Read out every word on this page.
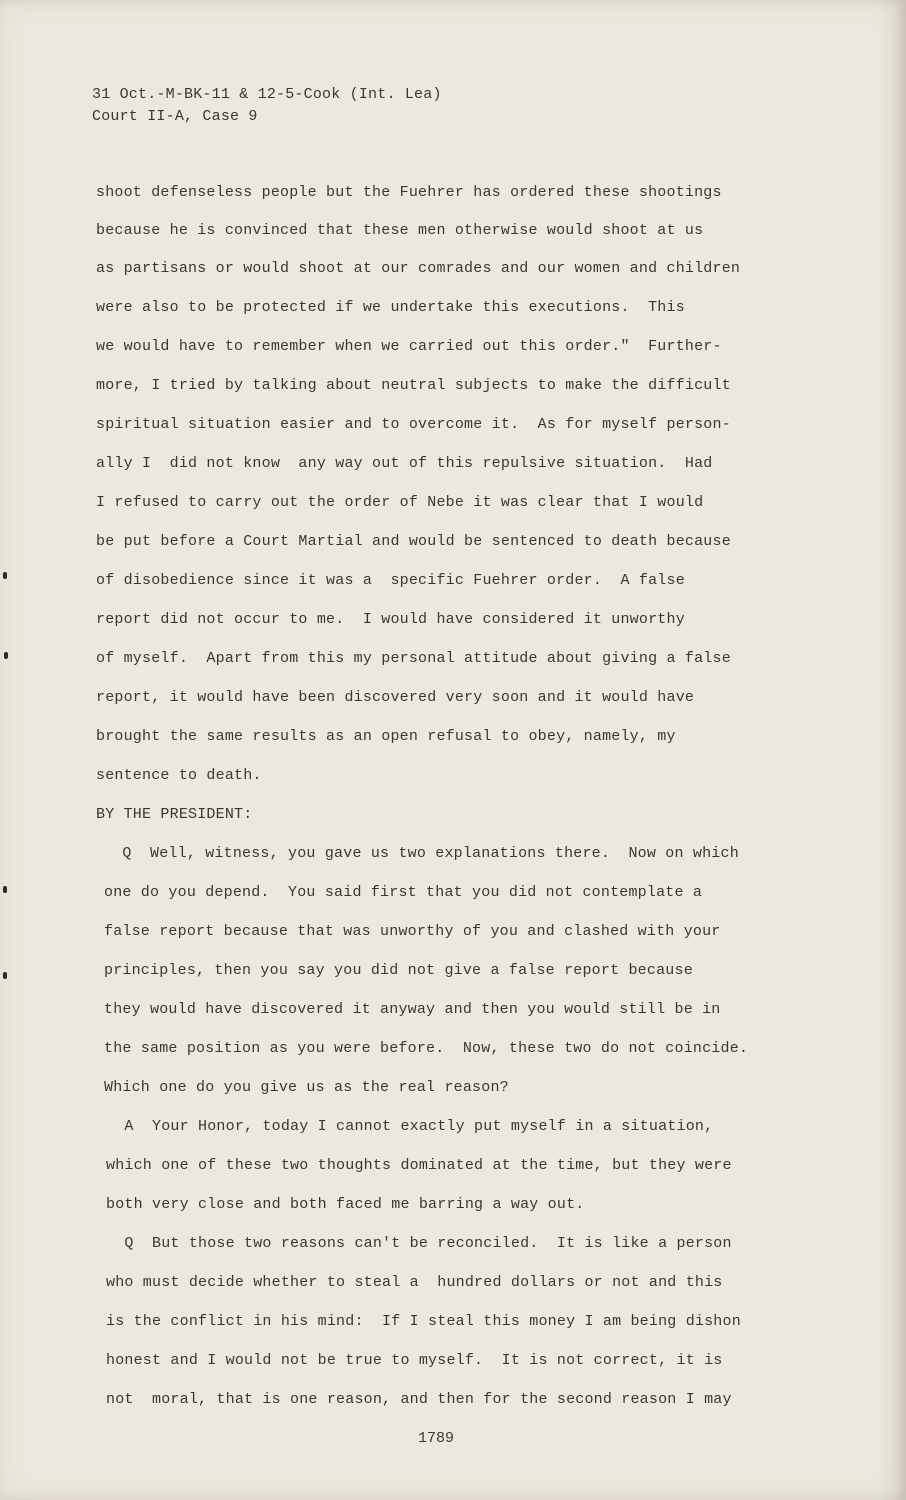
31 Oct.-M-BK-11 & 12-5-Cook (Int. Lea)
Court II-A, Case 9
shoot defenseless people but the Fuehrer has ordered these shootings
because he is convinced that these men otherwise would shoot at us
as partisans or would shoot at our comrades and our women and children
were also to be protected if we undertake this executions.  This
we would have to remember when we carried out this order."  Further-
more, I tried by talking about neutral subjects to make the difficult
spiritual situation easier and to overcome it.  As for myself person-
ally I  did not know  any way out of this repulsive situation.  Had
I refused to carry out the order of Nebe it was clear that I would
be put before a Court Martial and would be sentenced to death because
of disobedience since it was a  specific Fuehrer order.  A false
report did not occur to me.  I would have considered it unworthy
of myself.  Apart from this my personal attitude about giving a false
report, it would have been discovered very soon and it would have
brought the same results as an open refusal to obey, namely, my
sentence to death.
BY THE PRESIDENT:
Q  Well, witness, you gave us two explanations there.  Now on which
one do you depend.  You said first that you did not contemplate a
false report because that was unworthy of you and clashed with your
principles, then you say you did not give a false report because
they would have discovered it anyway and then you would still be in
the same position as you were before.  Now, these two do not coincide.
Which one do you give us as the real reason?
A  Your Honor, today I cannot exactly put myself in a situation,
which one of these two thoughts dominated at the time, but they were
both very close and both faced me barring a way out.
Q  But those two reasons can't be reconciled.  It is like a person
who must decide whether to steal a  hundred dollars or not and this
is the conflict in his mind:  If I steal this money I am being dishon
honest and I would not be true to myself.  It is not correct, it is
not  moral, that is one reason, and then for the second reason I may
1789
